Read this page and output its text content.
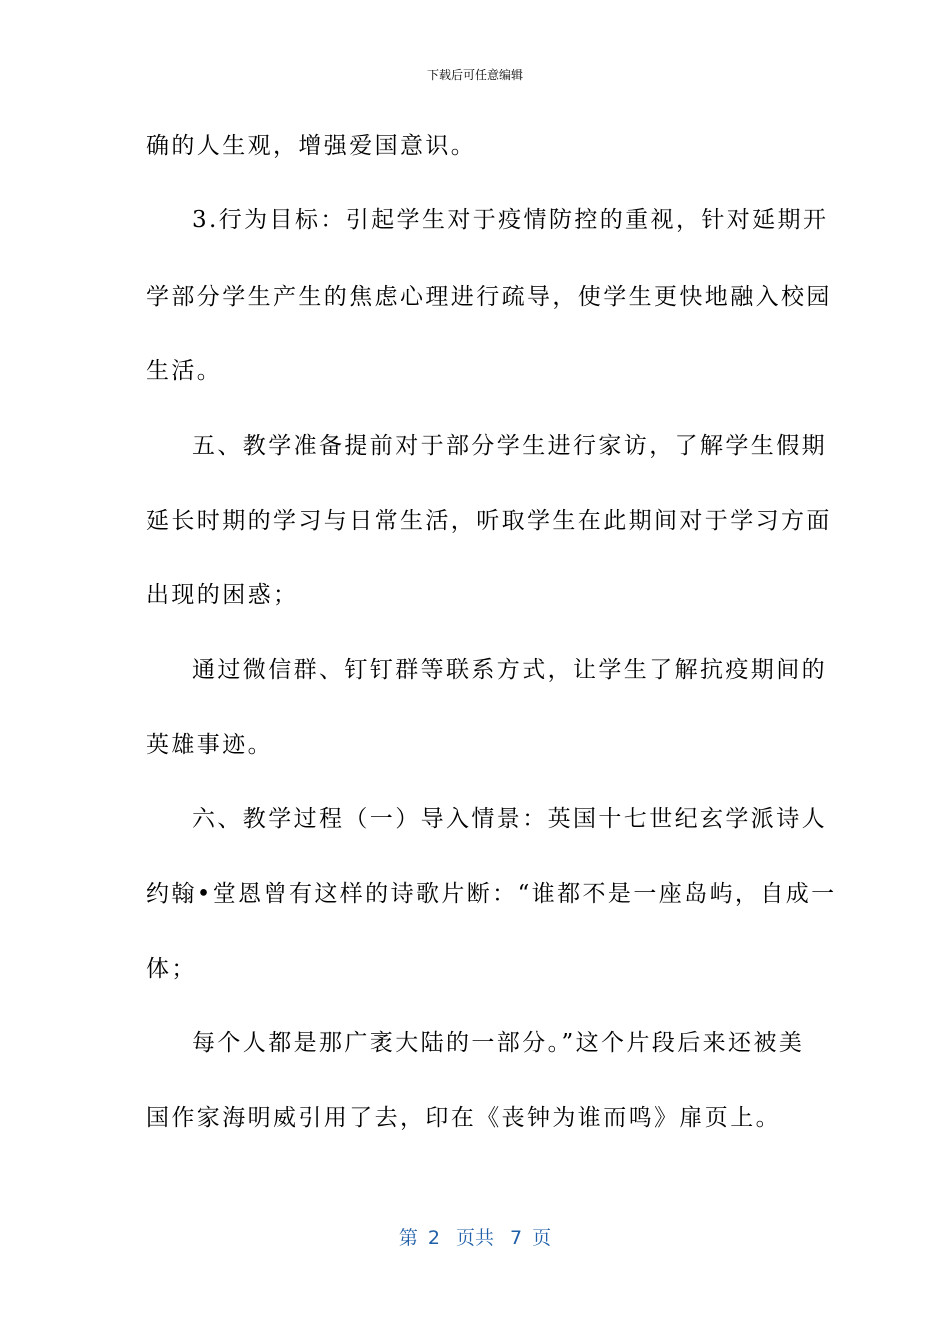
下载后可任意编辑
确的人生观，增强爱国意识。
3.行为目标：引起学生对于疫情防控的重视，针对延期开
学部分学生产生的焦虑心理进行疏导，使学生更快地融入校园
生活。
五、教学准备提前对于部分学生进行家访，了解学生假期
延长时期的学习与日常生活，听取学生在此期间对于学习方面
出现的困惑；
通过微信群、钉钉群等联系方式，让学生了解抗疫期间的
英雄事迹。
六、教学过程（一）导入情景：英国十七世纪玄学派诗人
约翰•堂恩曾有这样的诗歌片断：“谁都不是一座岛屿，自成一
体；
每个人都是那广袤大陆的一部分。”这个片段后来还被美
国作家海明威引用了去，印在《丧钟为谁而鸣》扉页上。
第 2 页共 7 页
